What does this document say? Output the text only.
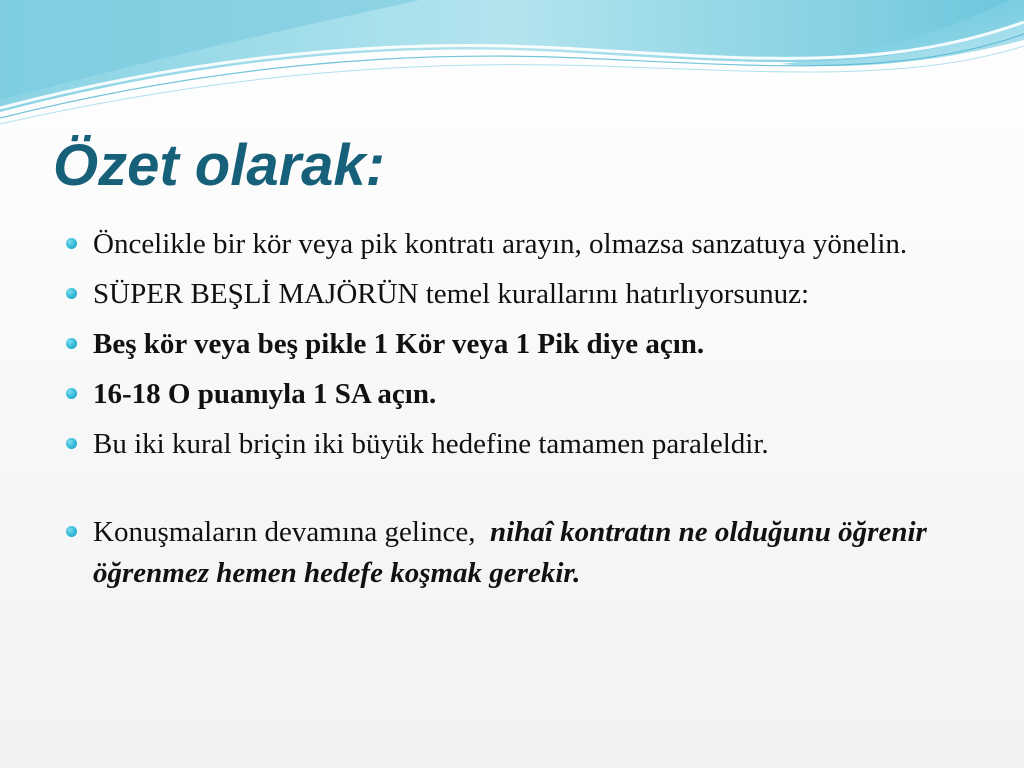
Özet olarak:
Öncelikle bir kör veya pik kontratı arayın, olmazsa sanzatuya yönelin.
SÜPER BEŞLİ MAJÖRÜN temel kurallarını hatırlıyorsunuz:
Beş kör veya beş pikle 1 Kör veya 1 Pik diye açın.
16-18 O puanıyla 1 SA açın.
Bu iki kural briçin iki büyük hedefine tamamen paraleldir.
Konuşmaların devamına gelince, nihaî kontratın ne olduğunu öğrenir öğrenmez hemen hedefe koşmak gerekir.
